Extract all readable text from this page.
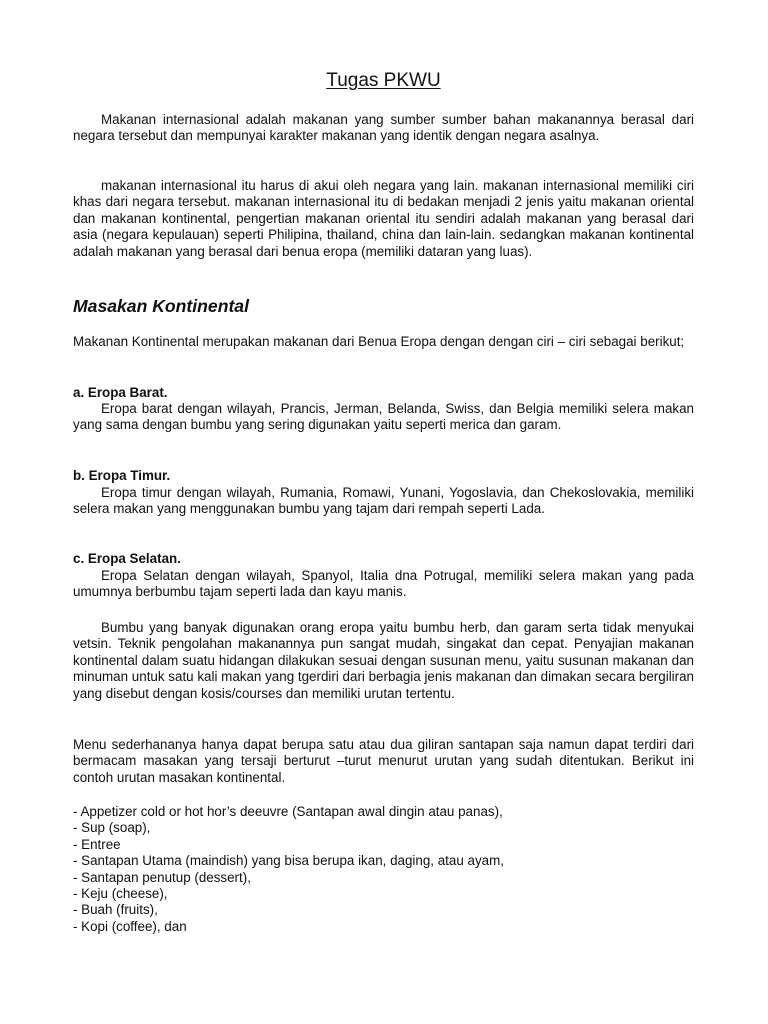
Tugas PKWU

Makanan internasional adalah makanan yang sumber sumber bahan makanannya berasal dari negara tersebut dan mempunyai karakter makanan yang identik dengan negara asalnya.

makanan internasional itu harus di akui oleh negara yang lain. makanan internasional memiliki ciri khas dari negara tersebut. makanan internasional itu di bedakan menjadi 2 jenis yaitu makanan oriental dan makanan kontinental, pengertian makanan oriental itu sendiri adalah makanan yang berasal dari asia (negara kepulauan) seperti Philipina, thailand, china dan lain-lain. sedangkan makanan kontinental adalah makanan yang berasal dari benua eropa (memiliki dataran yang luas).

Masakan Kontinental

Makanan Kontinental merupakan makanan dari Benua Eropa dengan dengan ciri – ciri sebagai berikut;

a. Eropa Barat.

Eropa barat dengan wilayah, Prancis, Jerman, Belanda, Swiss, dan Belgia memiliki selera makan yang sama dengan bumbu yang sering digunakan yaitu seperti merica dan garam.

b. Eropa Timur.

Eropa timur dengan wilayah, Rumania, Romawi, Yunani, Yogoslavia, dan Chekoslovakia, memiliki selera makan yang menggunakan bumbu yang tajam dari rempah seperti Lada.

c. Eropa Selatan.

Eropa Selatan dengan wilayah, Spanyol, Italia dna Potrugal, memiliki selera makan yang pada umumnya berbumbu tajam seperti lada dan kayu manis.

Bumbu yang banyak digunakan orang eropa yaitu bumbu herb, dan garam serta tidak menyukai vetsin. Teknik pengolahan makanannya pun sangat mudah, singakat dan cepat. Penyajian makanan kontinental dalam suatu hidangan dilakukan sesuai dengan susunan menu, yaitu susunan makanan dan minuman untuk satu kali makan yang tgerdiri dari berbagia jenis makanan dan dimakan secara bergiliran yang disebut dengan kosis/courses dan memiliki urutan tertentu.

Menu sederhananya hanya dapat berupa satu atau dua giliran santapan saja namun dapat terdiri dari bermacam masakan yang tersaji berturut –turut menurut urutan yang sudah ditentukan. Berikut ini contoh urutan masakan kontinental.

- Appetizer cold or hot hor’s deeuvre (Santapan awal dingin atau panas),
- Sup (soap),
- Entree
- Santapan Utama (maindish) yang bisa berupa ikan, daging, atau ayam,
- Santapan penutup (dessert),
- Keju (cheese),
- Buah (fruits),
- Kopi (coffee), dan
